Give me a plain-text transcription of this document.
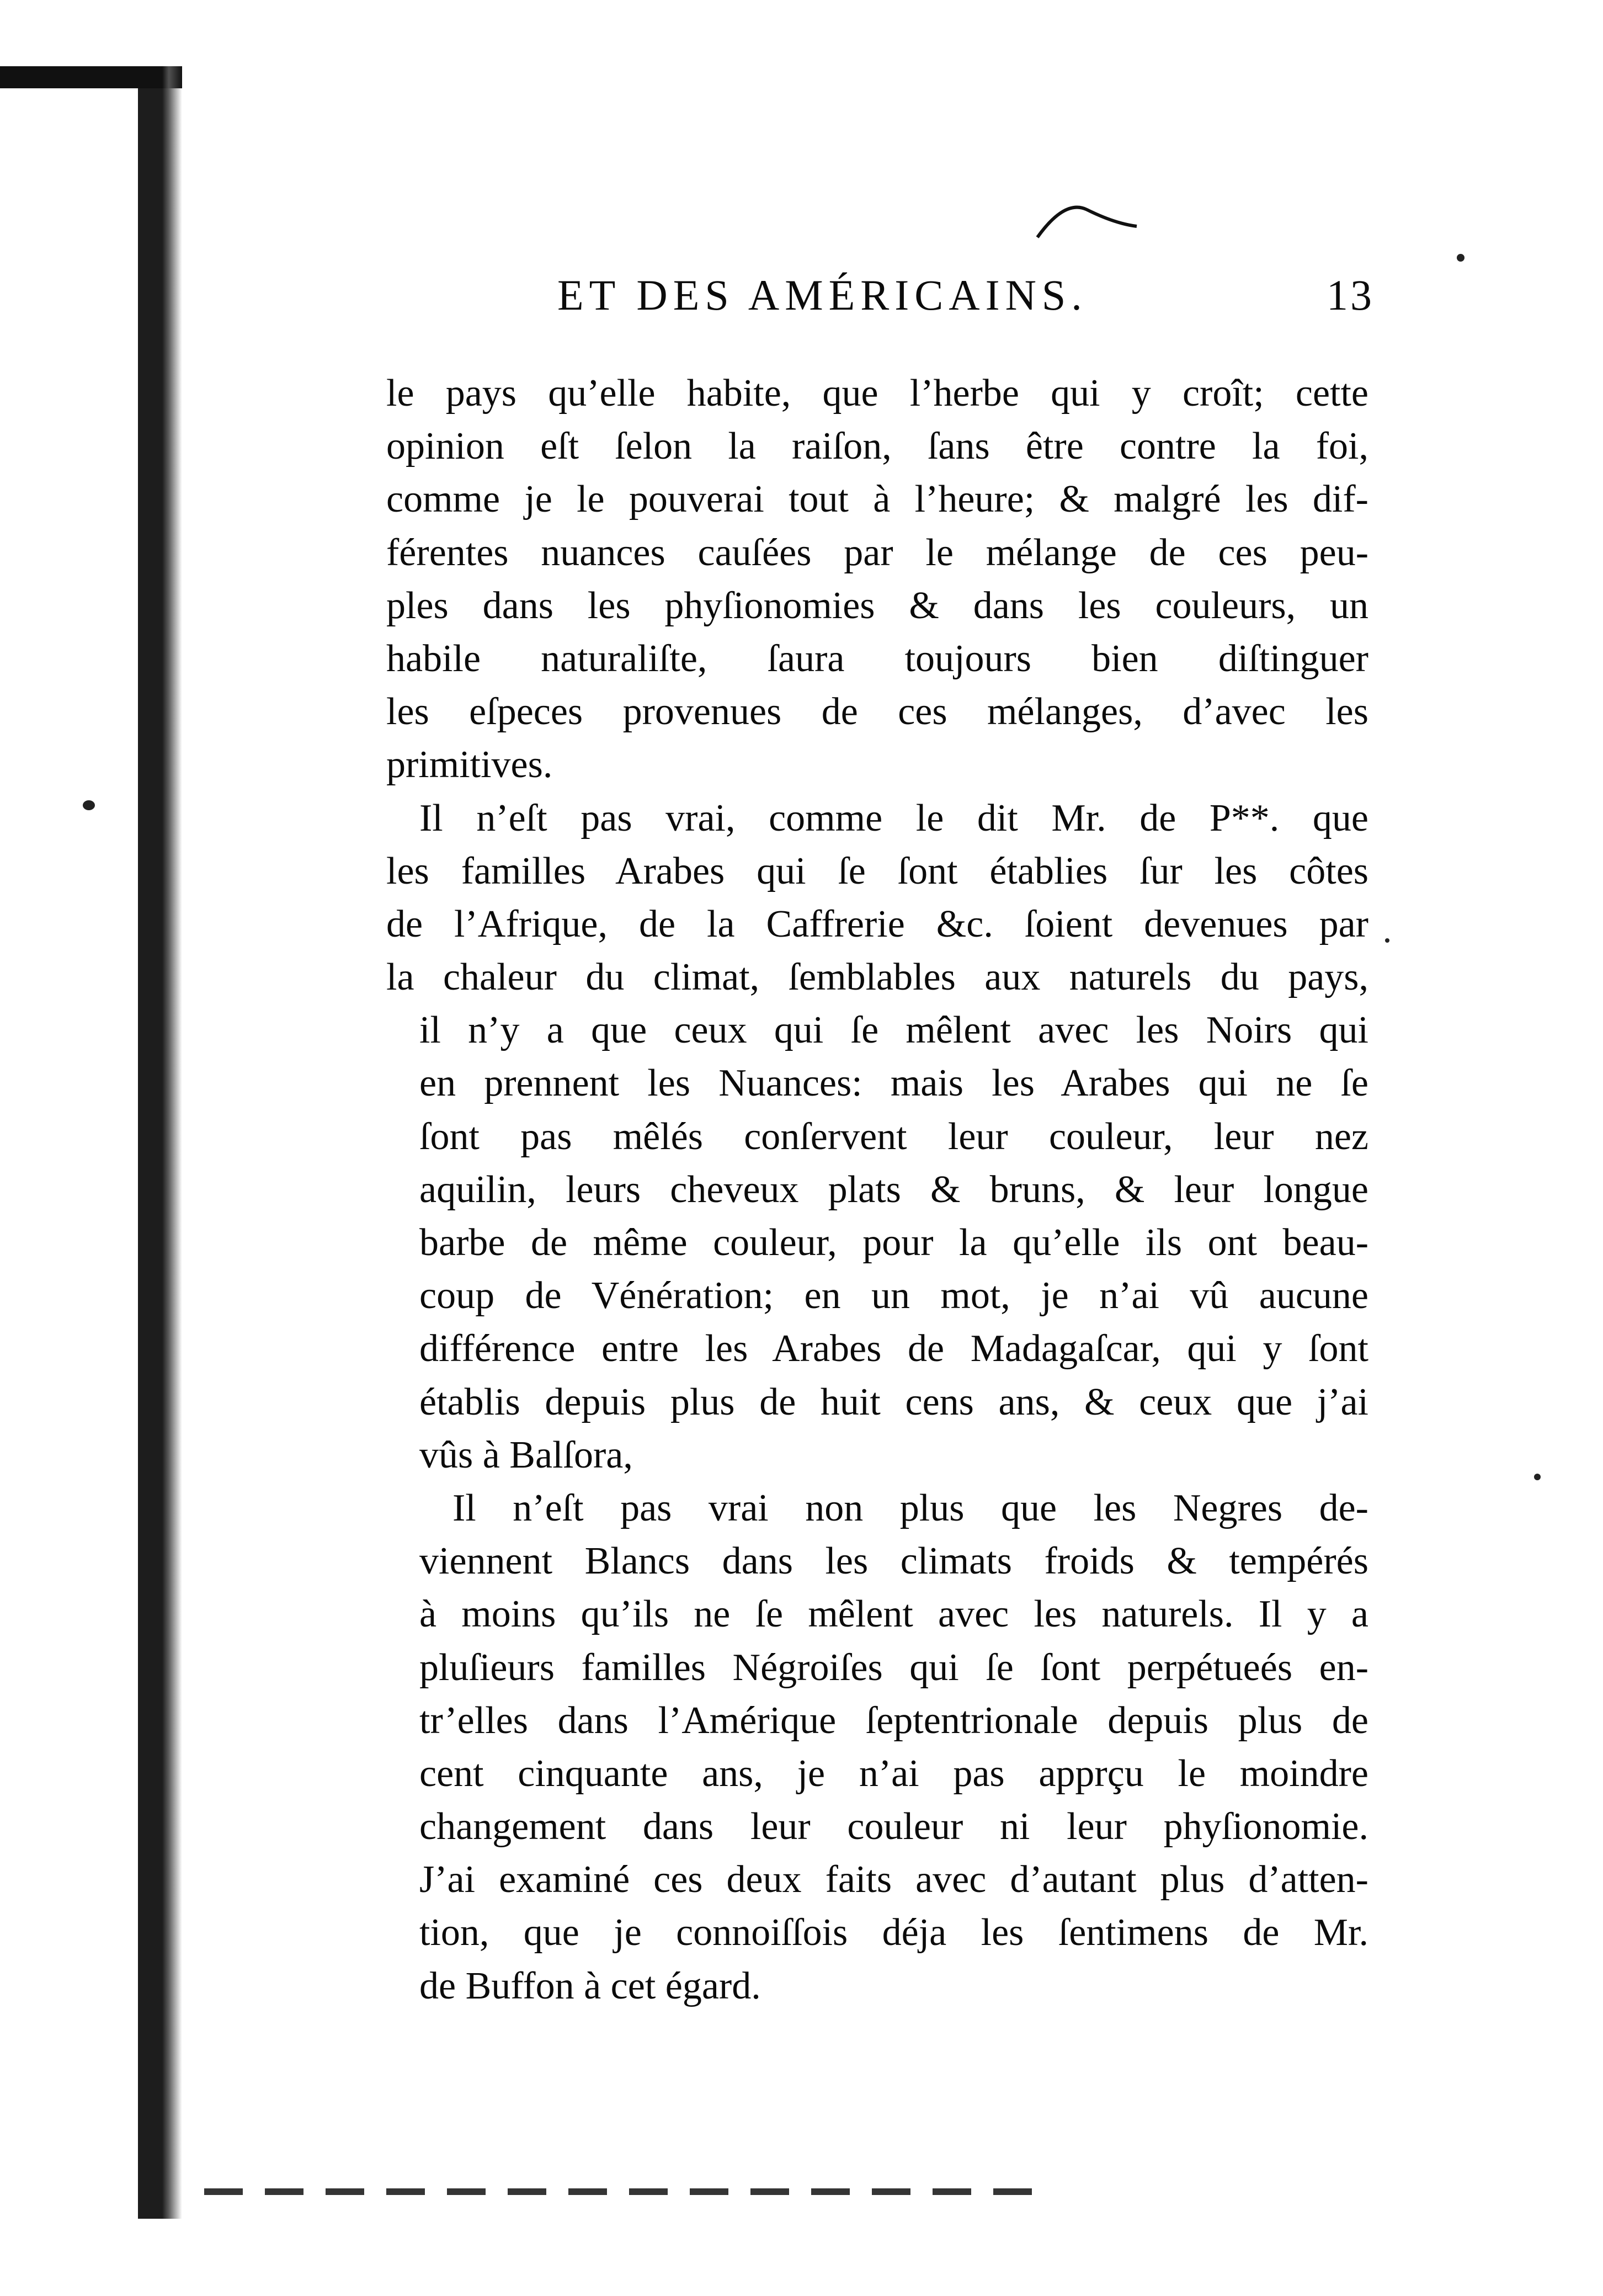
ET DES AMÉRICAINS.	13
le pays qu’elle habite, que l’herbe qui y croît; cette
opinion eſt ſelon la raiſon, ſans être contre la foi,
comme je le pouverai tout à l’heure; & malgré les dif-
férentes nuances cauſées par le mélange de ces peu-
ples dans les phyſionomies & dans les couleurs, un
habile naturaliſte, ſaura toujours bien diſtinguer
les eſpeces provenues de ces mélanges, d’avec les
primitives.
Il n’eſt pas vrai, comme le dit Mr. de P**. que
les familles Arabes qui ſe ſont établies ſur les côtes
de l’Afrique, de la Caffrerie &c. ſoient devenues par
la chaleur du climat, ſemblables aux naturels du pays,
il n’y a que ceux qui ſe mêlent avec les Noirs qui
en prennent les Nuances: mais les Arabes qui ne ſe
ſont pas mêlés conſervent leur couleur, leur nez
aquilin, leurs cheveux plats & bruns, & leur longue
barbe de même couleur, pour la qu’elle ils ont beau-
coup de Vénération; en un mot, je n’ai vû aucune
différence entre les Arabes de Madagaſcar, qui y ſont
établis depuis plus de huit cens ans, & ceux que j’ai
vûs à Balſora,
Il n’eſt pas vrai non plus que les Negres de-
viennent Blancs dans les climats froids & tempérés
à moins qu’ils ne ſe mêlent avec les naturels. Il y a
pluſieurs familles Négroiſes qui ſe ſont perpétueés en-
tr’elles dans l’Amérique ſeptentrionale depuis plus de
cent cinquante ans, je n’ai pas apprçu le moindre
changement dans leur couleur ni leur phyſionomie.
J’ai examiné ces deux faits avec d’autant plus d’atten-
tion, que je connoiſſois déja les ſentimens de Mr.
de Buffon à cet égard.
